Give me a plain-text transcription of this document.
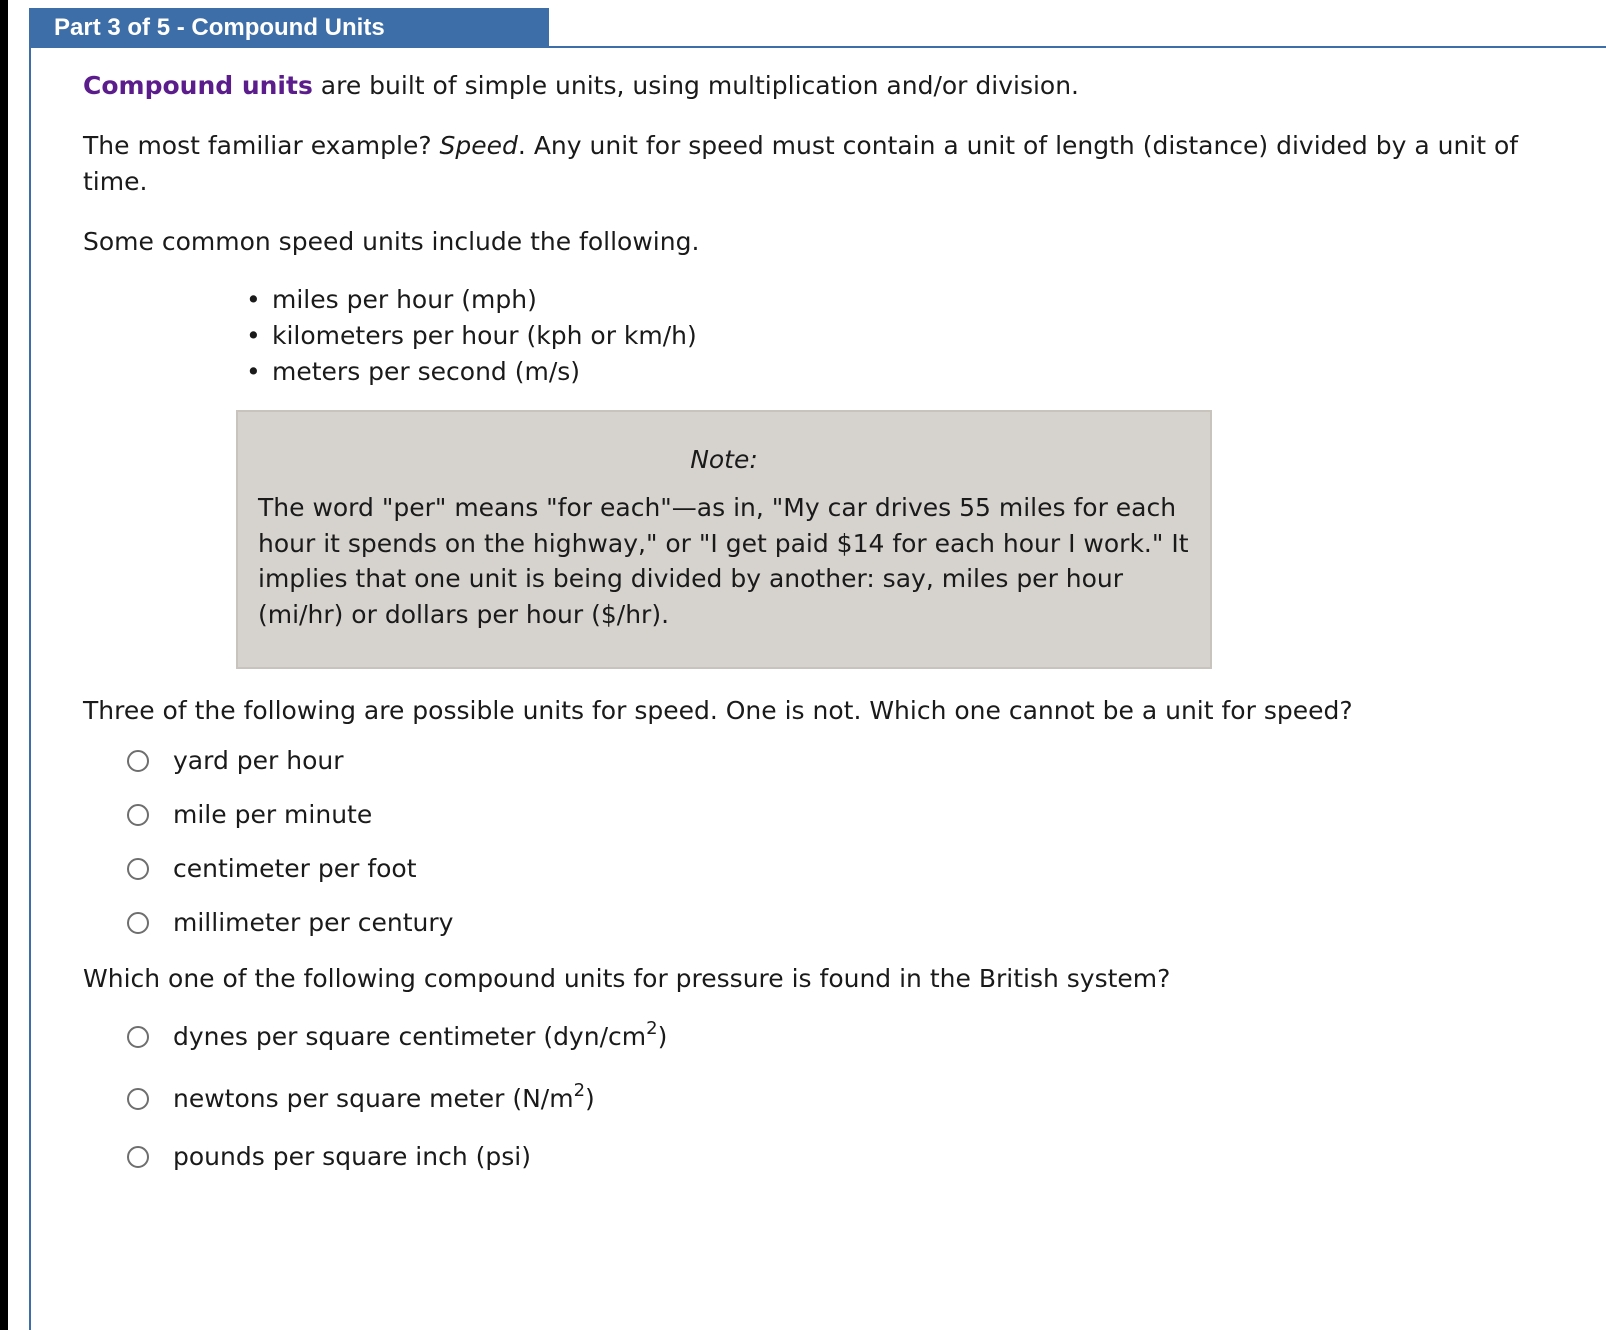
Part 3 of 5 - Compound Units

Compound units are built of simple units, using multiplication and/or division.

The most familiar example? Speed. Any unit for speed must contain a unit of length (distance) divided by a unit of time.

Some common speed units include the following.

• miles per hour (mph)
• kilometers per hour (kph or km/h)
• meters per second (m/s)
Note:
The word "per" means "for each"—as in, "My car drives 55 miles for each hour it spends on the highway," or "I get paid $14 for each hour I work." It implies that one unit is being divided by another: say, miles per hour (mi/hr) or dollars per hour ($/hr).

Three of the following are possible units for speed. One is not. Which one cannot be a unit for speed?

yard per hour
mile per minute
centimeter per foot
millimeter per century

Which one of the following compound units for pressure is found in the British system?

dynes per square centimeter $(dyn/cm^2)$
newtons per square meter $(N/m^2)$
pounds per square inch (psi)
